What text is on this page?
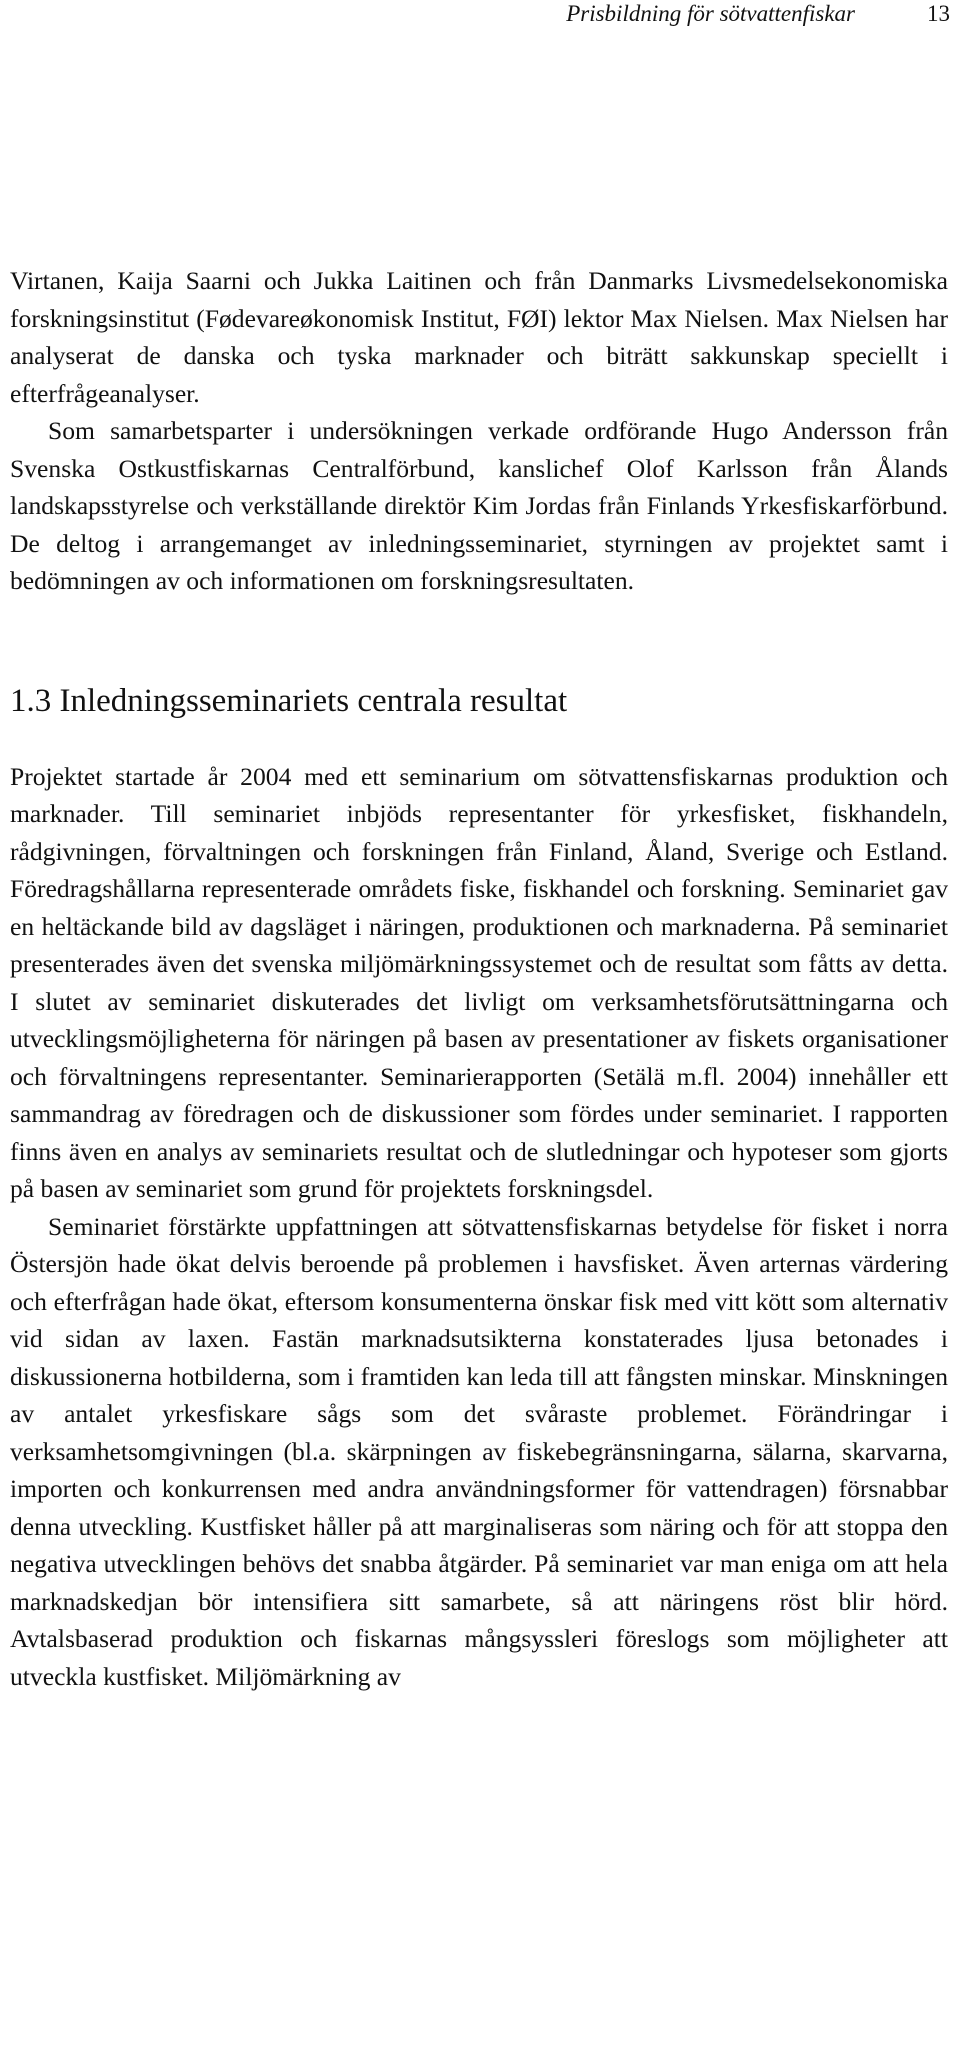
Prisbildning för sötvattenfiskar	13

Virtanen, Kaija Saarni och Jukka Laitinen och från Danmarks Livsmedelsekonomiska forskningsinstitut (Fødevareøkonomisk Institut, FØI) lektor Max Nielsen. Max Nielsen har analyserat de danska och tyska marknader och biträtt sakkunskap speciellt i efterfrågeanalyser.

Som samarbetsparter i undersökningen verkade ordförande Hugo Andersson från Svenska Ostkustfiskarnas Centralförbund, kanslichef Olof Karlsson från Ålands landskapsstyrelse och verkställande direktör Kim Jordas från Finlands Yrkesfiskarförbund. De deltog i arrangemanget av inledningsseminariet, styrningen av projektet samt i bedömningen av och informationen om forskningsresultaten.

1.3 Inledningsseminariets centrala resultat

Projektet startade år 2004 med ett seminarium om sötvattensfiskarnas produktion och marknader. Till seminariet inbjöds representanter för yrkesfisket, fiskhandeln, rådgivningen, förvaltningen och forskningen från Finland, Åland, Sverige och Estland. Föredragshållarna representerade områdets fiske, fiskhandel och forskning. Seminariet gav en heltäckande bild av dagsläget i näringen, produktionen och marknaderna. På seminariet presenterades även det svenska miljömärkningssystemet och de resultat som fåtts av detta. I slutet av seminariet diskuterades det livligt om verksamhetsförutsättningarna och utvecklingsmöjligheterna för näringen på basen av presentationer av fiskets organisationer och förvaltningens representanter. Seminarierapporten (Setälä m.fl. 2004) innehåller ett sammandrag av föredragen och de diskussioner som fördes under seminariet. I rapporten finns även en analys av seminariets resultat och de slutledningar och hypoteser som gjorts på basen av seminariet som grund för projektets forskningsdel.

Seminariet förstärkte uppfattningen att sötvattensfiskarnas betydelse för fisket i norra Östersjön hade ökat delvis beroende på problemen i havsfisket. Även arternas värdering och efterfrågan hade ökat, eftersom konsumenterna önskar fisk med vitt kött som alternativ vid sidan av laxen. Fastän marknadsutsikterna konstaterades ljusa betonades i diskussionerna hotbilderna, som i framtiden kan leda till att fångsten minskar. Minskningen av antalet yrkesfiskare sågs som det svåraste problemet. Förändringar i verksamhetsomgivningen (bl.a. skärpningen av fiskebegränsningarna, sälarna, skarvarna, importen och konkurrensen med andra användningsformer för vattendragen) försnabbar denna utveckling. Kustfisket håller på att marginaliseras som näring och för att stoppa den negativa utvecklingen behövs det snabba åtgärder. På seminariet var man eniga om att hela marknadskedjan bör intensifiera sitt samarbete, så att näringens röst blir hörd. Avtalsbaserad produktion och fiskarnas mångsyssleri föreslogs som möjligheter att utveckla kustfisket. Miljömärkning av
